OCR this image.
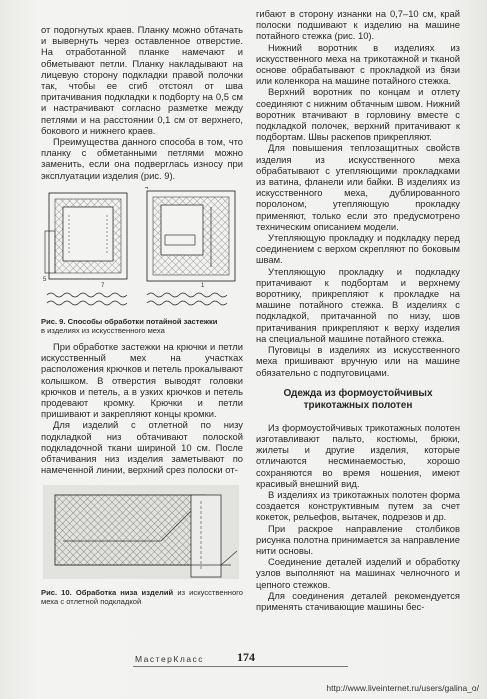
от подогнутых краев. Планку можно обтачать и вывернуть через оставленное отверстие. На отработанной планке намечают и обметывают петли. Планку накладывают на лицевую сторону подкладки правой полочки так, чтобы ее сгиб отстоял от шва притачивания подкладки к подборту на 0,5 см и настрачивают согласно разметке между петлями и на расстоянии 0,1 см от верхнего, бокового и нижнего краев.

Преимущества данного способа в том, что планку с обметанными петлями можно заменить, если она подверглась износу при эксплуатации изделия (рис. 9).

5
7
4
1

Рис. 9. Способы обработки потайной застежки
в изделиях из искусственного меха

При обработке застежки на крючки и петли искусственный мех на участках расположения крючков и петель прокалывают колышком. В отверстия выводят головки крючков и петель, а в узких крючков и петель продевают кромку. Крючки и петли пришивают и закрепляют концы кромки.

Для изделий с отлетной по низу подкладкой низ обтачивают полоской подкладочной ткани шириной 10 см. После обтачивания низ изделия заметывают по намеченной линии, верхний срез полоски от-

Рис. 10. Обработка низа изделий из искусственного меха с отлетной подкладкой

гибают в сторону изнанки на 0,7–10 см, край полоски подшивают к изделию на машине потайного стежка (рис. 10).

Нижний воротник в изделиях из искусственного меха на трикотажной и тканой основе обрабатывают с прокладкой из бязи или коленкора на машине потайного стежка.

Верхний воротник по концам и отлету соединяют с нижним обтачным швом. Нижний воротник втачивают в горловину вместе с подкладкой полочек, верхний притачивают к подбортам. Швы раскепов прикрепляют.

Для повышения теплозащитных свойств изделия из искусственного меха обрабатывают с утепляющими прокладками из ватина, фланели или байки. В изделиях из искусственного меха, дублированного поролоном, утепляющую прокладку применяют, только если это предусмотрено техническим описанием модели.

Утепляющую прокладку и подкладку перед соединением с верхом скрепляют по боковым швам.

Утепляющую прокладку и подкладку притачивают к подбортам и верхнему воротнику, прикрепляют к прокладке на машине потайного стежка. В изделиях с подкладкой, притачанной по низу, шов притачивания прикрепляют к верху изделия на специальной машине потайного стежка.

Пуговицы в изделиях из искусственного меха пришивают вручную или на машине обязательно с подпуговицами.

Одежда из формоустойчивых трикотажных полотен

Из формоустойчивых трикотажных полотен изготавливают пальто, костюмы, брюки, жилеты и другие изделия, которые отличаются несминаемостью, хорошо сохраняются во время ношения, имеют красивый внешний вид.

В изделиях из трикотажных полотен форма создается конструктивным путем за счет кокеток, рельефов, вытачек, подрезов и др.

При раскрое направление столбиков рисунка полотна принимается за направление нити основы.

Соединение деталей изделий и обработку узлов выполняют на машинах челночного и цепного стежков.

Для соединения деталей рекомендуется применять стачивающие машины бес-

МастерКласс	174
http://www.liveinternet.ru/users/galina_o/
